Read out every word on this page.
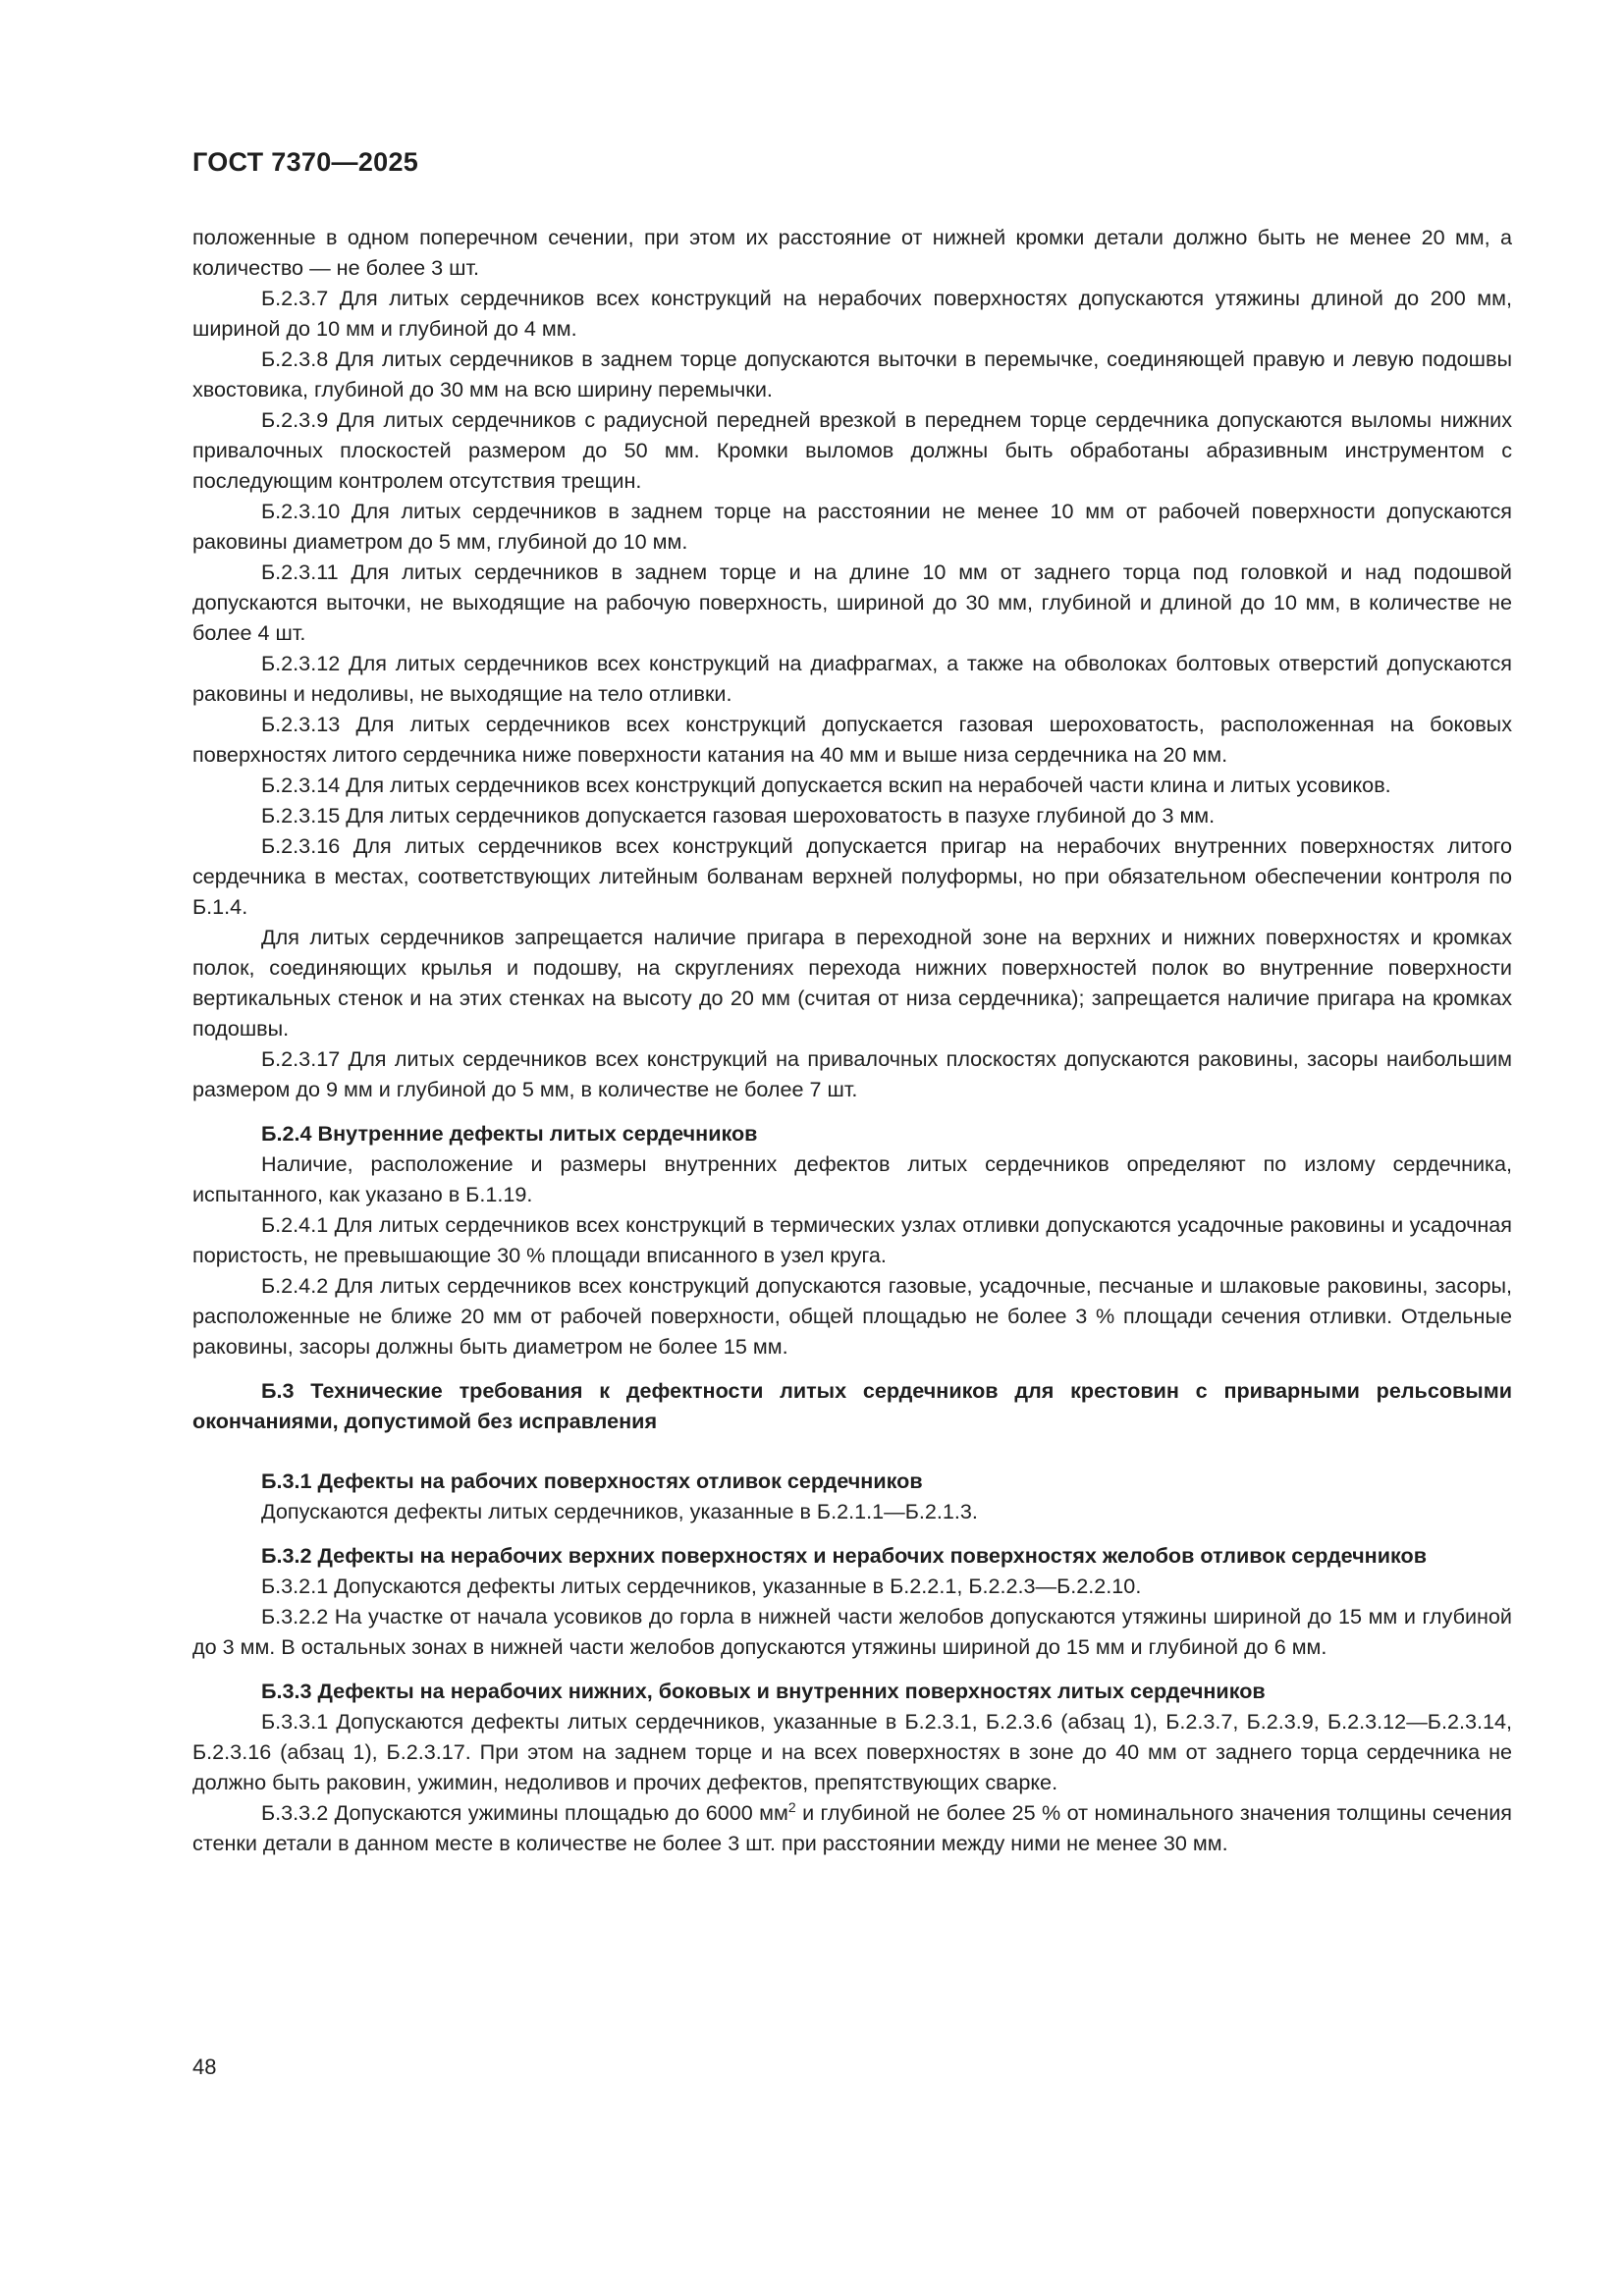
ГОСТ 7370—2025

положенные в одном поперечном сечении, при этом их расстояние от нижней кромки детали должно быть не менее 20 мм, а количество — не более 3 шт.

Б.2.3.7 Для литых сердечников всех конструкций на нерабочих поверхностях допускаются утяжины длиной до 200 мм, шириной до 10 мм и глубиной до 4 мм.

Б.2.3.8 Для литых сердечников в заднем торце допускаются выточки в перемычке, соединяющей правую и левую подошвы хвостовика, глубиной до 30 мм на всю ширину перемычки.

Б.2.3.9 Для литых сердечников с радиусной передней врезкой в переднем торце сердечника допускаются выломы нижних привалочных плоскостей размером до 50 мм. Кромки выломов должны быть обработаны абразивным инструментом с последующим контролем отсутствия трещин.

Б.2.3.10 Для литых сердечников в заднем торце на расстоянии не менее 10 мм от рабочей поверхности допускаются раковины диаметром до 5 мм, глубиной до 10 мм.

Б.2.3.11 Для литых сердечников в заднем торце и на длине 10 мм от заднего торца под головкой и над подошвой допускаются выточки, не выходящие на рабочую поверхность, шириной до 30 мм, глубиной и длиной до 10 мм, в количестве не более 4 шт.

Б.2.3.12 Для литых сердечников всех конструкций на диафрагмах, а также на обволоках болтовых отверстий допускаются раковины и недоливы, не выходящие на тело отливки.

Б.2.3.13 Для литых сердечников всех конструкций допускается газовая шероховатость, расположенная на боковых поверхностях литого сердечника ниже поверхности катания на 40 мм и выше низа сердечника на 20 мм.

Б.2.3.14 Для литых сердечников всех конструкций допускается вскип на нерабочей части клина и литых усовиков.

Б.2.3.15 Для литых сердечников допускается газовая шероховатость в пазухе глубиной до 3 мм.

Б.2.3.16 Для литых сердечников всех конструкций допускается пригар на нерабочих внутренних поверхностях литого сердечника в местах, соответствующих литейным болванам верхней полуформы, но при обязательном обеспечении контроля по Б.1.4.

Для литых сердечников запрещается наличие пригара в переходной зоне на верхних и нижних поверхностях и кромках полок, соединяющих крылья и подошву, на скруглениях перехода нижних поверхностей полок во внутренние поверхности вертикальных стенок и на этих стенках на высоту до 20 мм (считая от низа сердечника); запрещается наличие пригара на кромках подошвы.

Б.2.3.17 Для литых сердечников всех конструкций на привалочных плоскостях допускаются раковины, засоры наибольшим размером до 9 мм и глубиной до 5 мм, в количестве не более 7 шт.

Б.2.4 Внутренние дефекты литых сердечников

Наличие, расположение и размеры внутренних дефектов литых сердечников определяют по излому сердечника, испытанного, как указано в Б.1.19.

Б.2.4.1 Для литых сердечников всех конструкций в термических узлах отливки допускаются усадочные раковины и усадочная пористость, не превышающие 30 % площади вписанного в узел круга.

Б.2.4.2 Для литых сердечников всех конструкций допускаются газовые, усадочные, песчаные и шлаковые раковины, засоры, расположенные не ближе 20 мм от рабочей поверхности, общей площадью не более 3 % площади сечения отливки. Отдельные раковины, засоры должны быть диаметром не более 15 мм.

Б.3 Технические требования к дефектности литых сердечников для крестовин с приварными рельсовыми окончаниями, допустимой без исправления
Б.3.1 Дефекты на рабочих поверхностях отливок сердечников

Допускаются дефекты литых сердечников, указанные в Б.2.1.1—Б.2.1.3.

Б.3.2 Дефекты на нерабочих верхних поверхностях и нерабочих поверхностях желобов отливок сердечников

Б.3.2.1 Допускаются дефекты литых сердечников, указанные в Б.2.2.1, Б.2.2.3—Б.2.2.10.

Б.3.2.2 На участке от начала усовиков до горла в нижней части желобов допускаются утяжины шириной до 15 мм и глубиной до 3 мм. В остальных зонах в нижней части желобов допускаются утяжины шириной до 15 мм и глубиной до 6 мм.

Б.3.3 Дефекты на нерабочих нижних, боковых и внутренних поверхностях литых сердечников

Б.3.3.1 Допускаются дефекты литых сердечников, указанные в Б.2.3.1, Б.2.3.6 (абзац 1), Б.2.3.7, Б.2.3.9, Б.2.3.12—Б.2.3.14, Б.2.3.16 (абзац 1), Б.2.3.17. При этом на заднем торце и на всех поверхностях в зоне до 40 мм от заднего торца сердечника не должно быть раковин, ужимин, недоливов и прочих дефектов, препятствующих сварке.

Б.3.3.2 Допускаются ужимины площадью до 6000 $мм^2$ и глубиной не более 25 % от номинального значения толщины сечения стенки детали в данном месте в количестве не более 3 шт. при расстоянии между ними не менее 30 мм.

48
